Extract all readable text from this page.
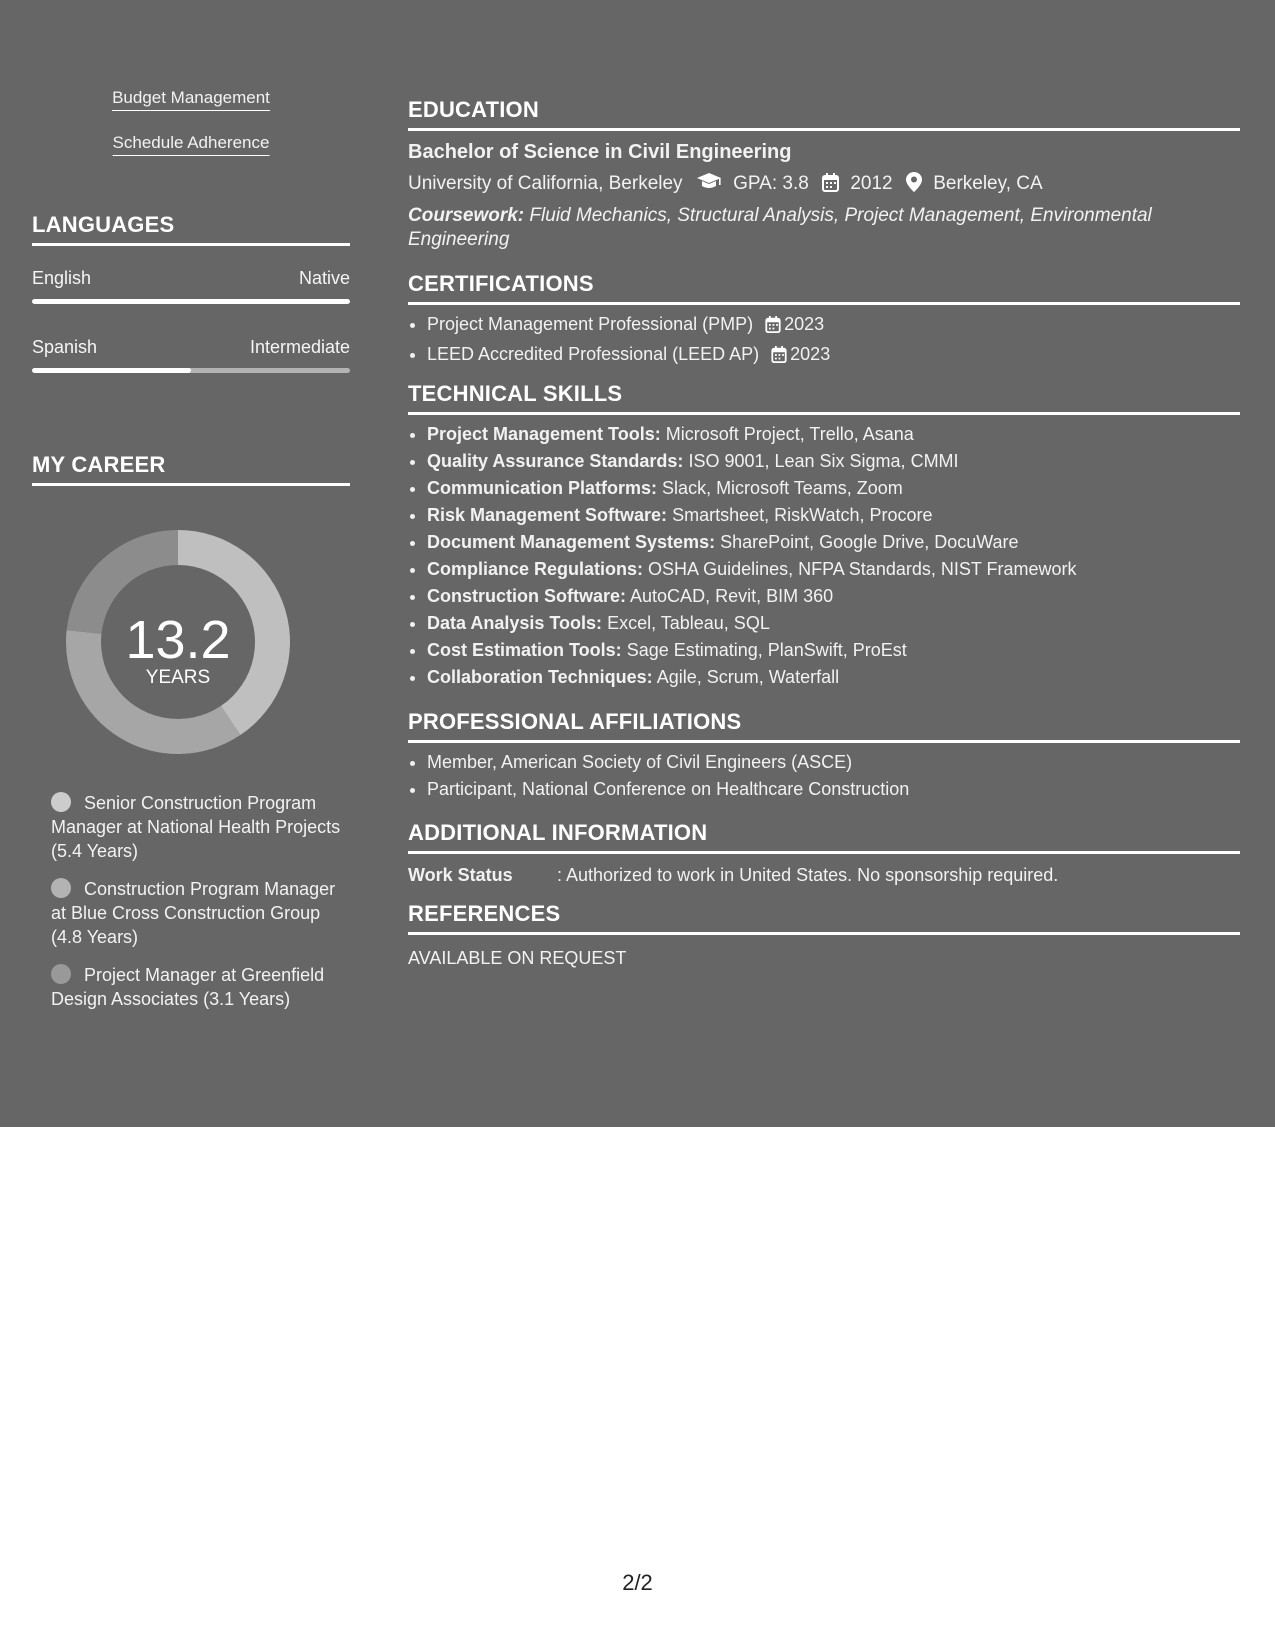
Budget Management
Schedule Adherence
LANGUAGES
English	Native
Spanish	Intermediate
MY CAREER
13.2
YEARS
Senior Construction Program Manager at National Health Projects (5.4 Years)
Construction Program Manager at Blue Cross Construction Group (4.8 Years)
Project Manager at Greenfield Design Associates (3.1 Years)
EDUCATION
Bachelor of Science in Civil Engineering
University of California, Berkeley	GPA: 3.8 2012 Berkeley, CA
Coursework: Fluid Mechanics, Structural Analysis, Project Management, Environmental Engineering
CERTIFICATIONS
• Project Management Professional (PMP) 2023
• LEED Accredited Professional (LEED AP) 2023
TECHNICAL SKILLS
• Project Management Tools: Microsoft Project, Trello, Asana
• Quality Assurance Standards: ISO 9001, Lean Six Sigma, CMMI
• Communication Platforms: Slack, Microsoft Teams, Zoom
• Risk Management Software: Smartsheet, RiskWatch, Procore
• Document Management Systems: SharePoint, Google Drive, DocuWare
• Compliance Regulations: OSHA Guidelines, NFPA Standards, NIST Framework
• Construction Software: AutoCAD, Revit, BIM 360
• Data Analysis Tools: Excel, Tableau, SQL
• Cost Estimation Tools: Sage Estimating, PlanSwift, ProEst
• Collaboration Techniques: Agile, Scrum, Waterfall
PROFESSIONAL AFFILIATIONS
• Member, American Society of Civil Engineers (ASCE)
• Participant, National Conference on Healthcare Construction
ADDITIONAL INFORMATION
Work Status : Authorized to work in United States. No sponsorship required.
REFERENCES
AVAILABLE ON REQUEST
2/2
